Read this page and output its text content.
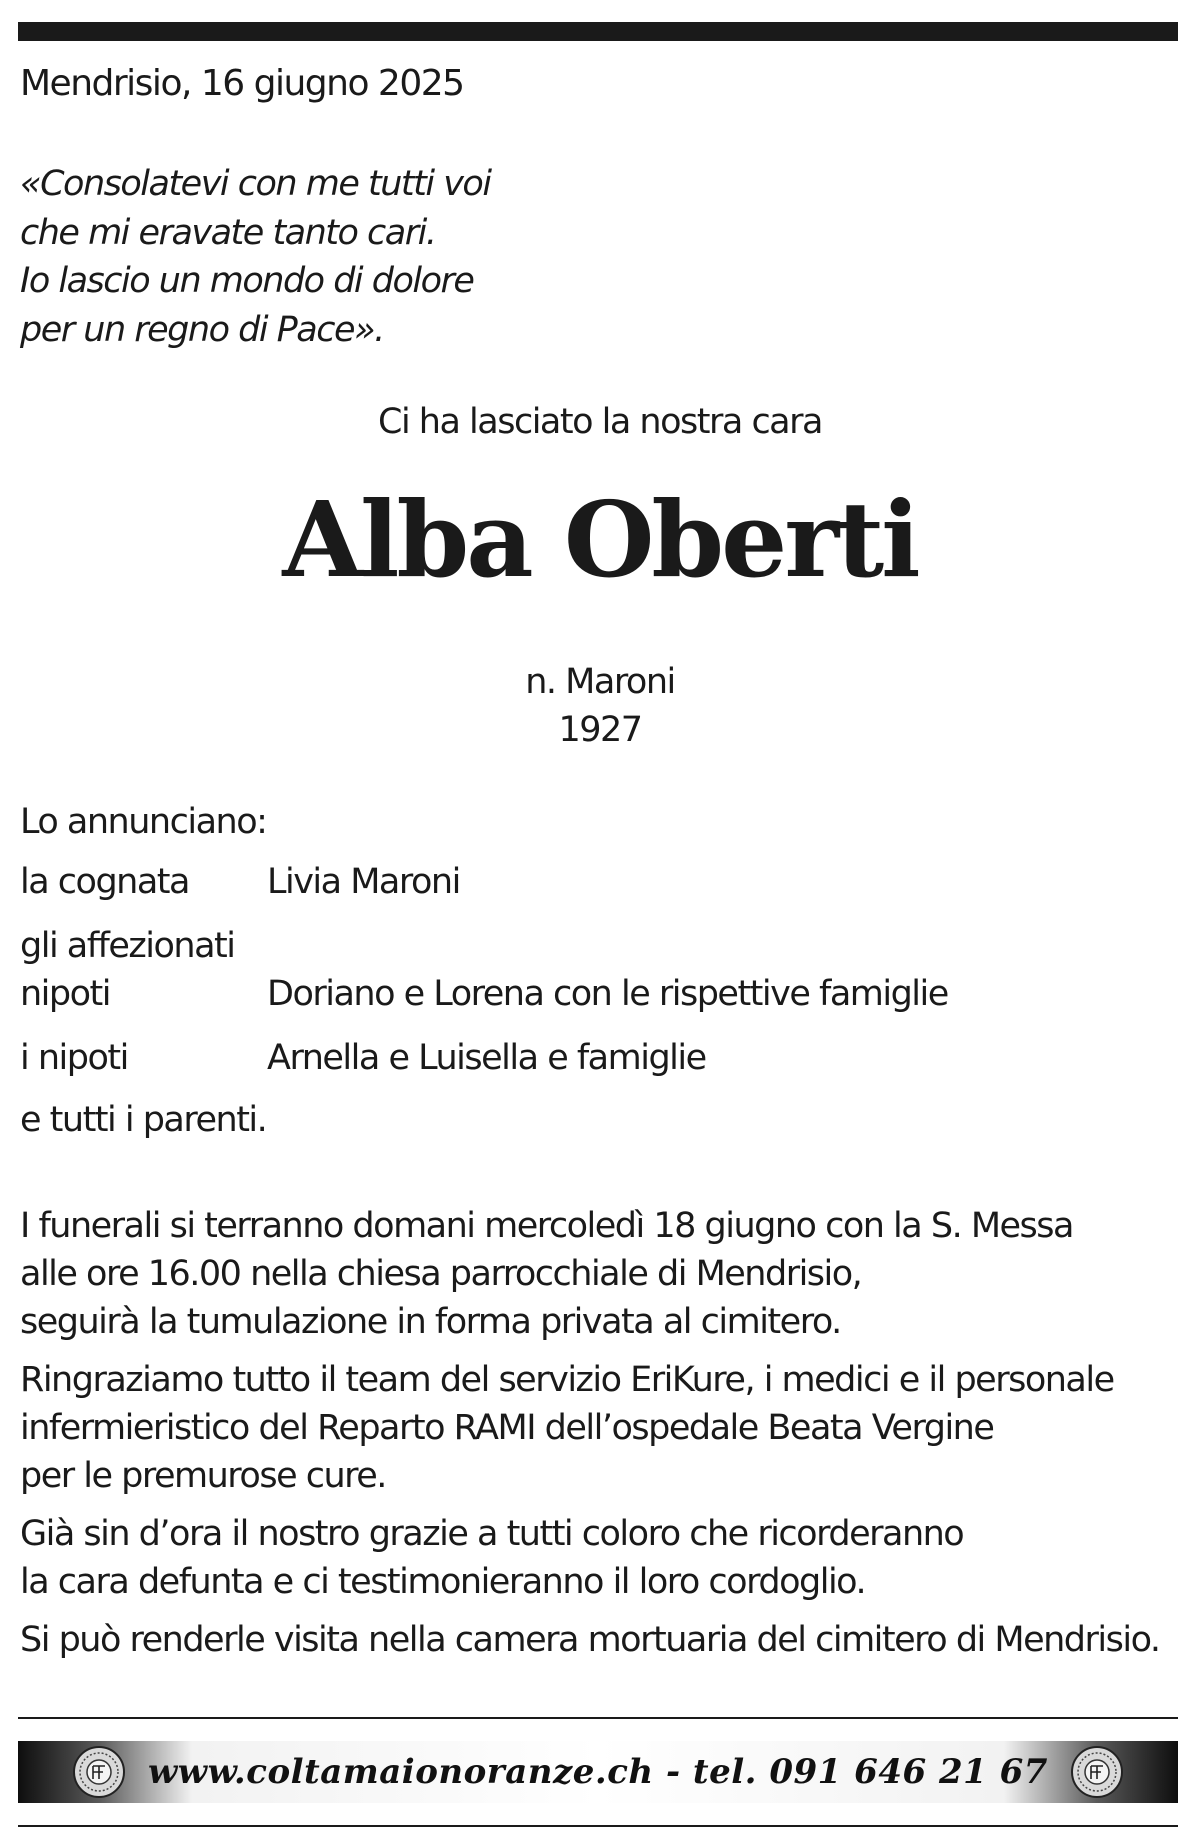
Mendrisio, 16 giugno 2025
«Consolatevi con me tutti voi
che mi eravate tanto cari.
Io lascio un mondo di dolore
per un regno di Pace».
Ci ha lasciato la nostra cara
Alba Oberti
n. Maroni
1927
Lo annunciano:
la cognata	Livia Maroni
gli affezionati
nipoti	Doriano e Lorena con le rispettive famiglie
i nipoti	Arnella e Luisella e famiglie
e tutti i parenti.
I funerali si terranno domani mercoledì 18 giugno con la S. Messa
alle ore 16.00 nella chiesa parrocchiale di Mendrisio,
seguirà la tumulazione in forma privata al cimitero.
Ringraziamo tutto il team del servizio EriKure, i medici e il personale
infermieristico del Reparto RAMI dell’ospedale Beata Vergine
per le premurose cure.
Già sin d’ora il nostro grazie a tutti coloro che ricorderanno
la cara defunta e ci testimonieranno il loro cordoglio.
Si può renderle visita nella camera mortuaria del cimitero di Mendrisio.
www.coltamaionoranze.ch - tel. 091 646 21 67
